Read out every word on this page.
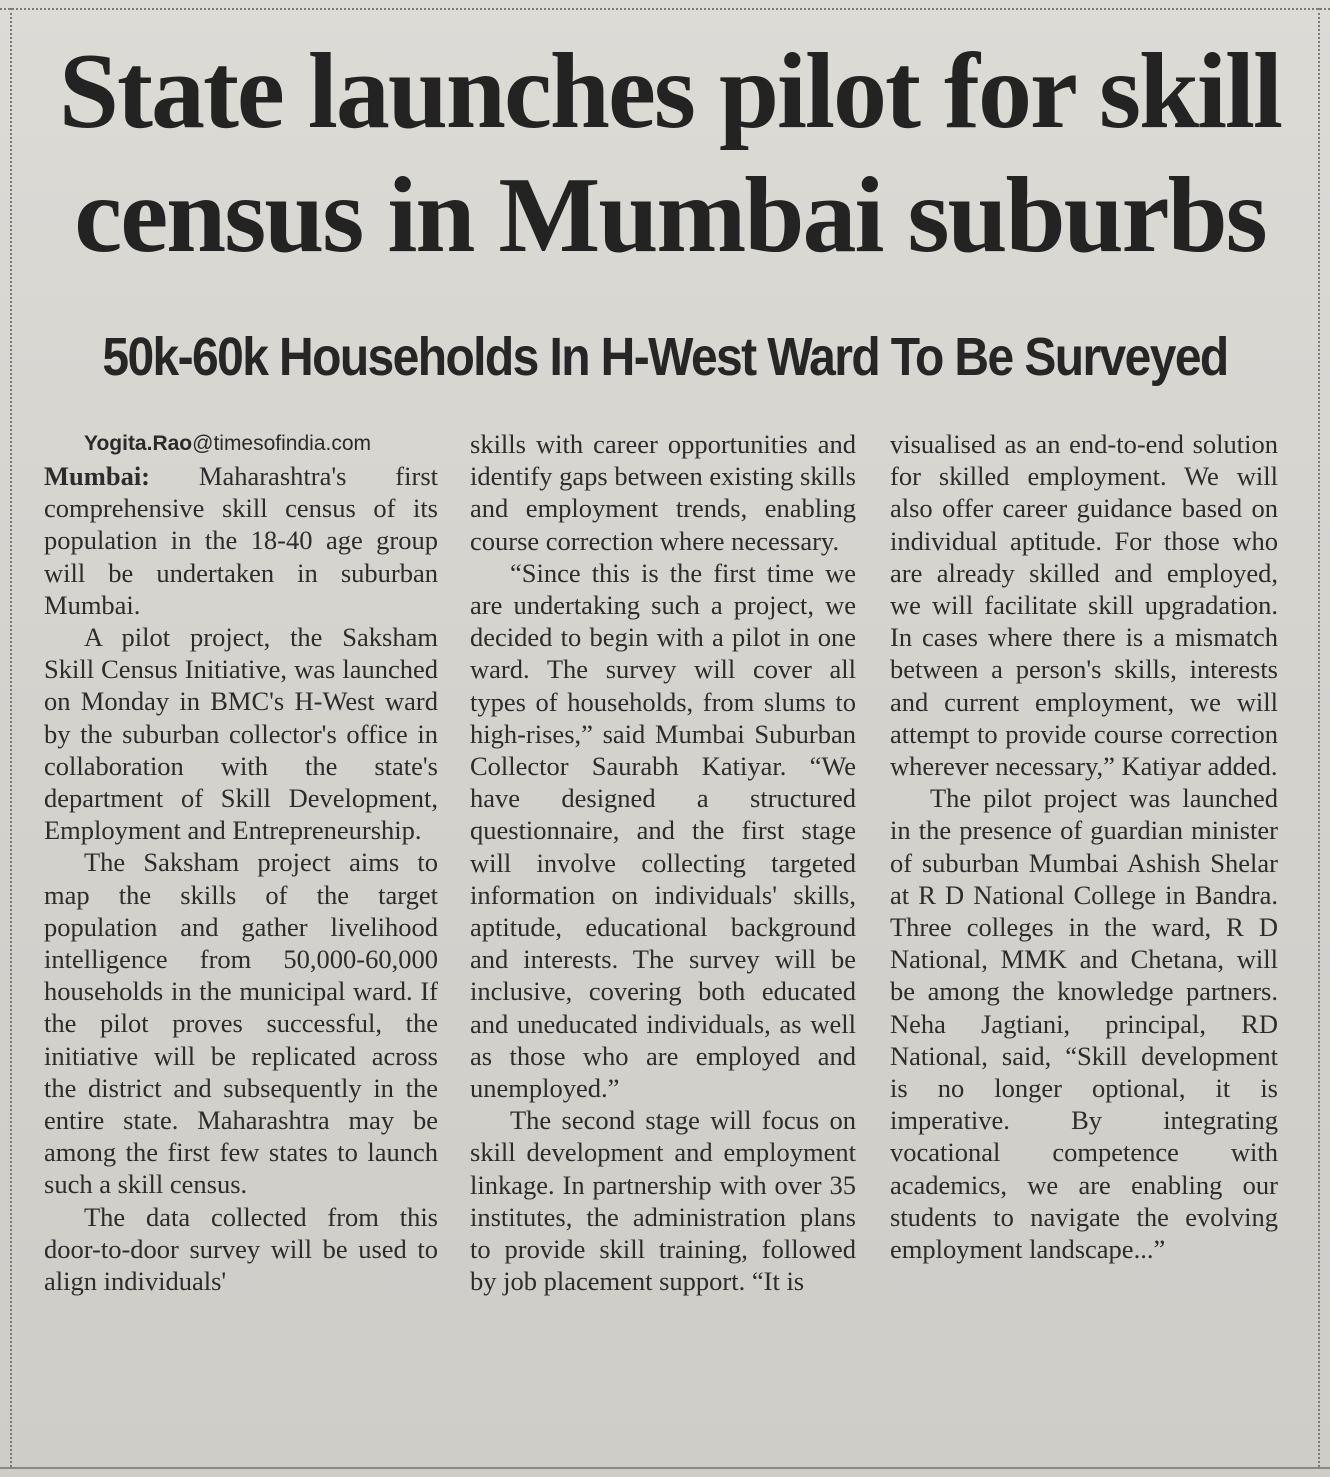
State launches pilot for skill
census in Mumbai suburbs
50k-60k Households In H-West Ward To Be Surveyed

Yogita.Rao@timesofindia.com

Mumbai: Maharashtra's first comprehensive skill census of its population in the 18-40 age group will be undertaken in suburban Mumbai.

A pilot project, the Saksham Skill Census Initiative, was launched on Monday in BMC's H-West ward by the suburban collector's office in collaboration with the state's department of Skill Development, Employment and Entrepreneurship.

The Saksham project aims to map the skills of the target population and gather livelihood intelligence from 50,000-60,000 households in the municipal ward. If the pilot proves successful, the initiative will be replicated across the district and subsequently in the entire state. Maharashtra may be among the first few states to launch such a skill census.

The data collected from this door-to-door survey will be used to align individuals'

skills with career opportunities and identify gaps between existing skills and employment trends, enabling course correction where necessary.

“Since this is the first time we are undertaking such a project, we decided to begin with a pilot in one ward. The survey will cover all types of households, from slums to high-rises,” said Mumbai Suburban Collector Saurabh Katiyar. “We have designed a structured questionnaire, and the first stage will involve collecting targeted information on individuals' skills, aptitude, educational background and interests. The survey will be inclusive, covering both educated and uneducated individuals, as well as those who are employed and unemployed.”

The second stage will focus on skill development and employment linkage. In partnership with over 35 institutes, the administration plans to provide skill training, followed by job placement support. “It is

visualised as an end-to-end solution for skilled employment. We will also offer career guidance based on individual aptitude. For those who are already skilled and employed, we will facilitate skill upgradation. In cases where there is a mismatch between a person's skills, interests and current employment, we will attempt to provide course correction wherever necessary,” Katiyar added.

The pilot project was launched in the presence of guardian minister of suburban Mumbai Ashish Shelar at R D National College in Bandra. Three colleges in the ward, R D National, MMK and Chetana, will be among the knowledge partners. Neha Jagtiani, principal, RD National, said, “Skill development is no longer optional, it is imperative. By integrating vocational competence with academics, we are enabling our students to navigate the evolving employment landscape...”
